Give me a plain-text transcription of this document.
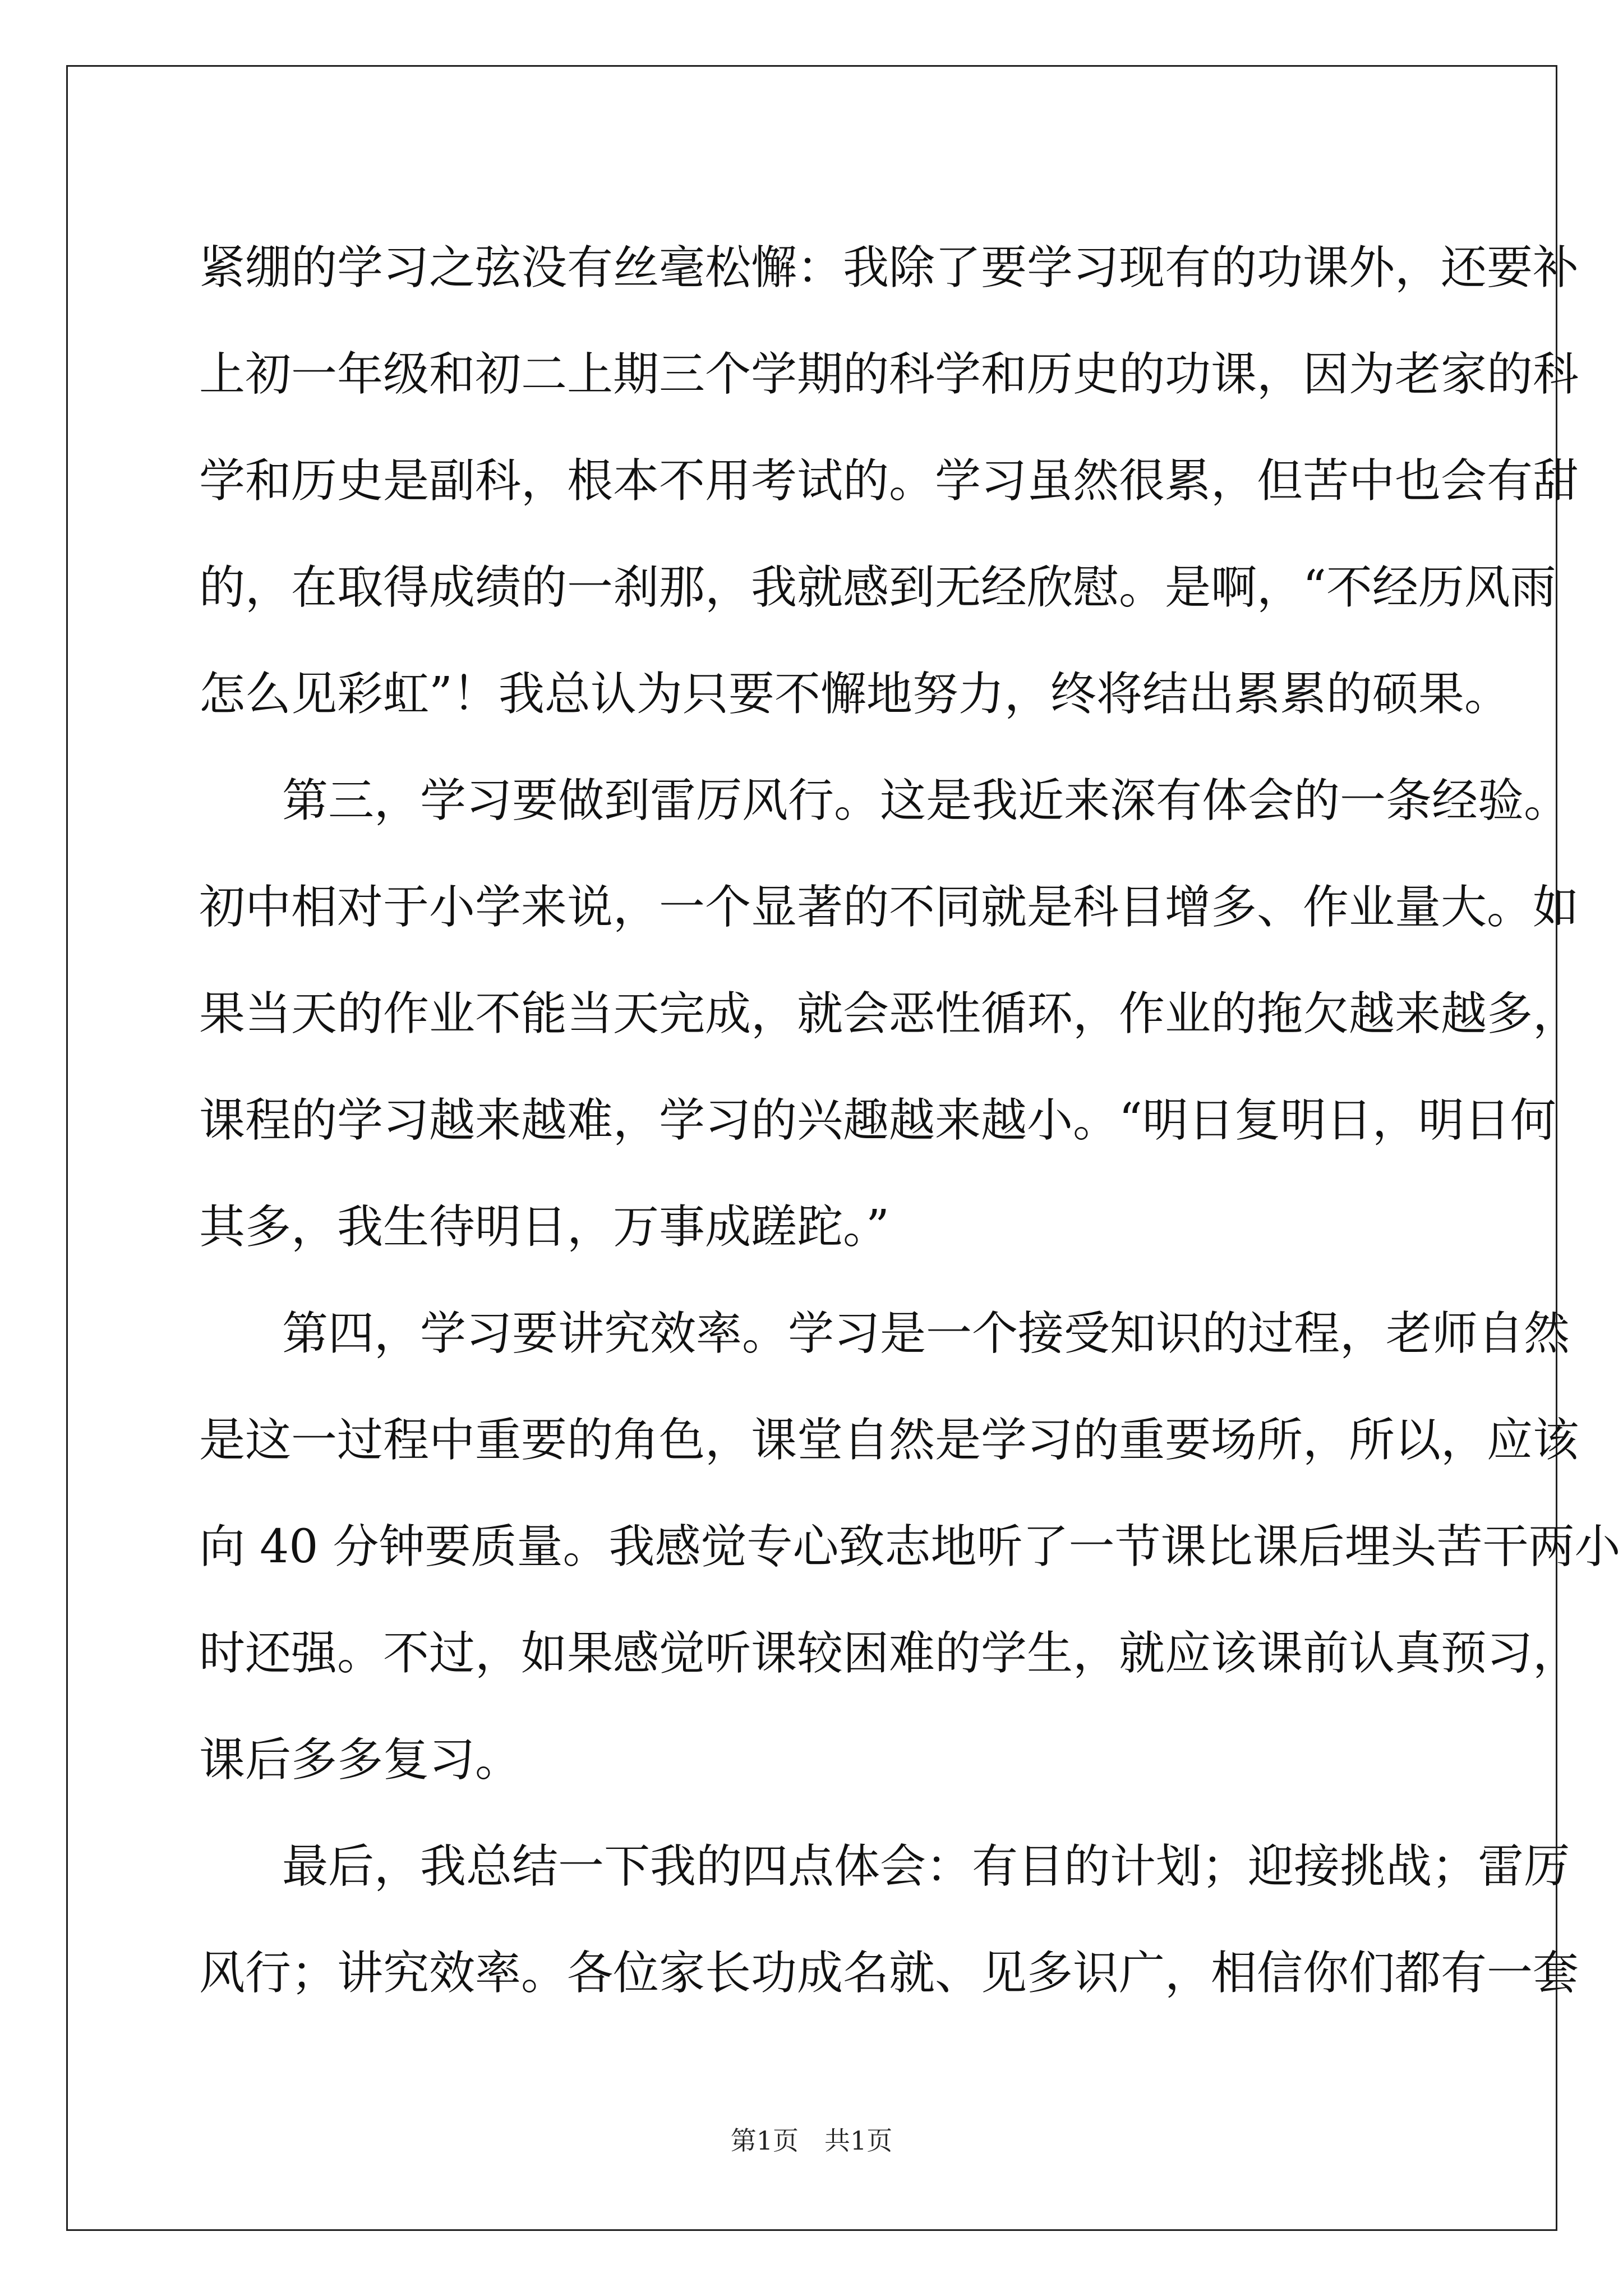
紧绷的学习之弦没有丝毫松懈：我除了要学习现有的功课外，还要补
上初一年级和初二上期三个学期的科学和历史的功课，因为老家的科
学和历史是副科，根本不用考试的。学习虽然很累，但苦中也会有甜
的，在取得成绩的一刹那，我就感到无经欣慰。是啊，“不经历风雨
怎么见彩虹”！我总认为只要不懈地努力，终将结出累累的硕果。
第三，学习要做到雷厉风行。这是我近来深有体会的一条经验。
初中相对于小学来说，一个显著的不同就是科目增多、作业量大。如
果当天的作业不能当天完成，就会恶性循环，作业的拖欠越来越多，
课程的学习越来越难，学习的兴趣越来越小。“明日复明日，明日何
其多，我生待明日，万事成蹉跎。”
第四，学习要讲究效率。学习是一个接受知识的过程，老师自然
是这一过程中重要的角色，课堂自然是学习的重要场所，所以，应该
向 40 分钟要质量。我感觉专心致志地听了一节课比课后埋头苦干两小
时还强。不过，如果感觉听课较困难的学生，就应该课前认真预习，
课后多多复习。
最后，我总结一下我的四点体会：有目的计划；迎接挑战；雷厉
风行；讲究效率。各位家长功成名就、见多识广，相信你们都有一套
第1页　共1页
